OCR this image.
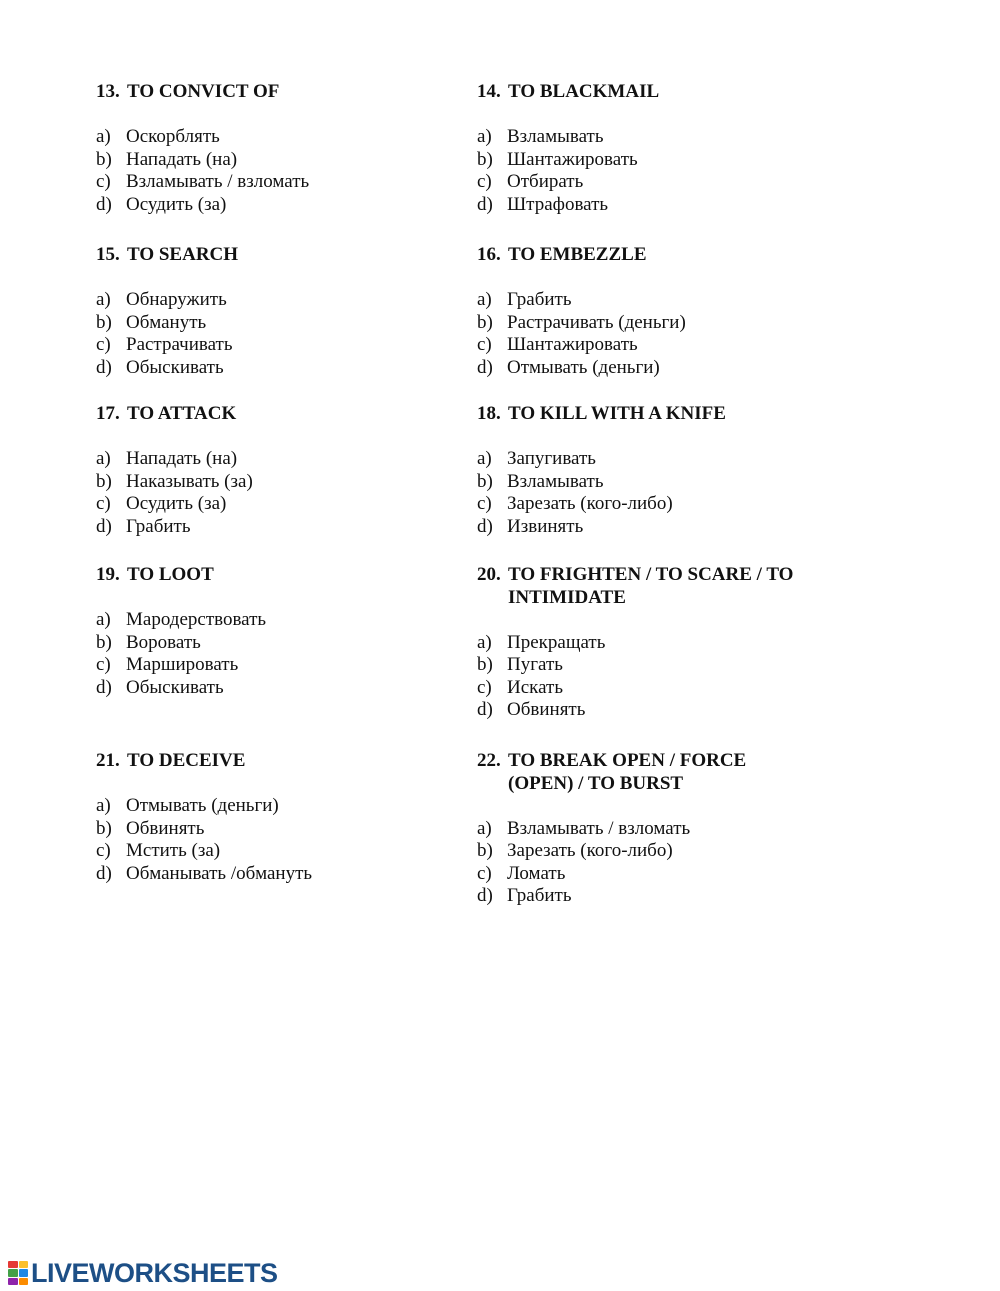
13. TO CONVICT OF
a) Оскорблять
b) Нападать (на)
c) Взламывать / взломать
d) Осудить (за)
14. TO BLACKMAIL
a) Взламывать
b) Шантажировать
c) Отбирать
d) Штрафовать
15. TO SEARCH
a) Обнаружить
b) Обмануть
c) Растрачивать
d) Обыскивать
16. TO EMBEZZLE
a) Грабить
b) Растрачивать (деньги)
c) Шантажировать
d) Отмывать (деньги)
17. TO ATTACK
a) Нападать (на)
b) Наказывать (за)
c) Осудить (за)
d) Грабить
18. TO KILL WITH A KNIFE
a) Запугивать
b) Взламывать
c) Зарезать (кого-либо)
d) Извинять
19. TO LOOT
a) Мародерствовать
b) Воровать
c) Маршировать
d) Обыскивать
20. TO FRIGHTEN / TO SCARE / TO INTIMIDATE
a) Прекращать
b) Пугать
c) Искать
d) Обвинять
21. TO DECEIVE
a) Отмывать (деньги)
b) Обвинять
c) Мстить (за)
d) Обманывать /обмануть
22. TO BREAK OPEN / FORCE (OPEN) / TO BURST
a) Взламывать / взломать
b) Зарезать (кого-либо)
c) Ломать
d) Грабить
LIVEWORKSHEETS
